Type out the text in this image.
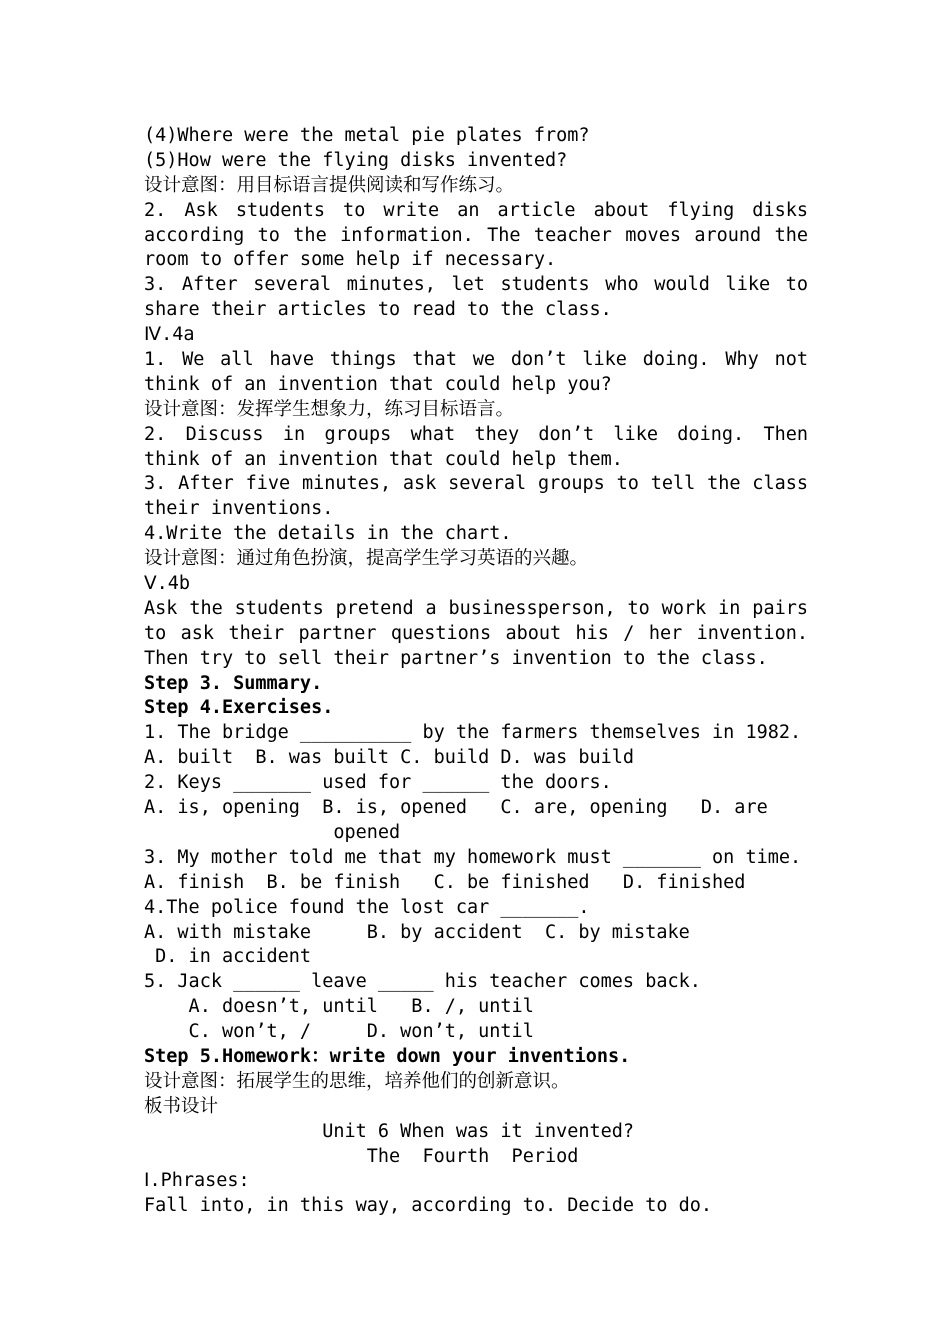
(4)Where were the metal pie plates from?
(5)How were the flying disks invented?
设计意图：用目标语言提供阅读和写作练习。
2. Ask students to write an article about flying disks
according to the information. The teacher moves around the
room to offer some help if necessary.
3. After several minutes, let students who would like to
share their articles to read to the class.
Ⅳ.4a
1. We all have things that we don’t like doing. Why not
think of an invention that could help you?
设计意图：发挥学生想象力，练习目标语言。
2. Discuss in groups what they don’t like doing. Then
think of an invention that could help them.
3. After five minutes, ask several groups to tell the class
their inventions.
4.Write the details in the chart.
设计意图：通过角色扮演，提高学生学习英语的兴趣。
Ⅴ.4b
Ask the students pretend a businessperson, to work in pairs
to ask their partner questions about his / her invention.
Then try to sell their partner’s invention to the class.
Step 3. Summary.
Step 4.Exercises.
1. The bridge __________ by the farmers themselves in 1982.
A. built  B. was built C. build D. was build
2. Keys _______ used for ______ the doors.
A. is, opening  B. is, opened   C. are, opening   D. are
opened
3. My mother told me that my homework must _______ on time.
A. finish  B. be finish   C. be finished   D. finished
4.The police found the lost car _______.
A. with mistake     B. by accident  C. by mistake
D. in accident
5. Jack ______ leave _____ his teacher comes back.
A. doesn’t, until   B. /, until
C. won’t, /     D. won’t, until
Step 5.Homework：write down your inventions.
设计意图：拓展学生的思维，培养他们的创新意识。
板书设计
Unit 6 When was it invented?
The  Fourth  Period
Ⅰ.Phrases:
Fall into, in this way, according to. Decide to do.
